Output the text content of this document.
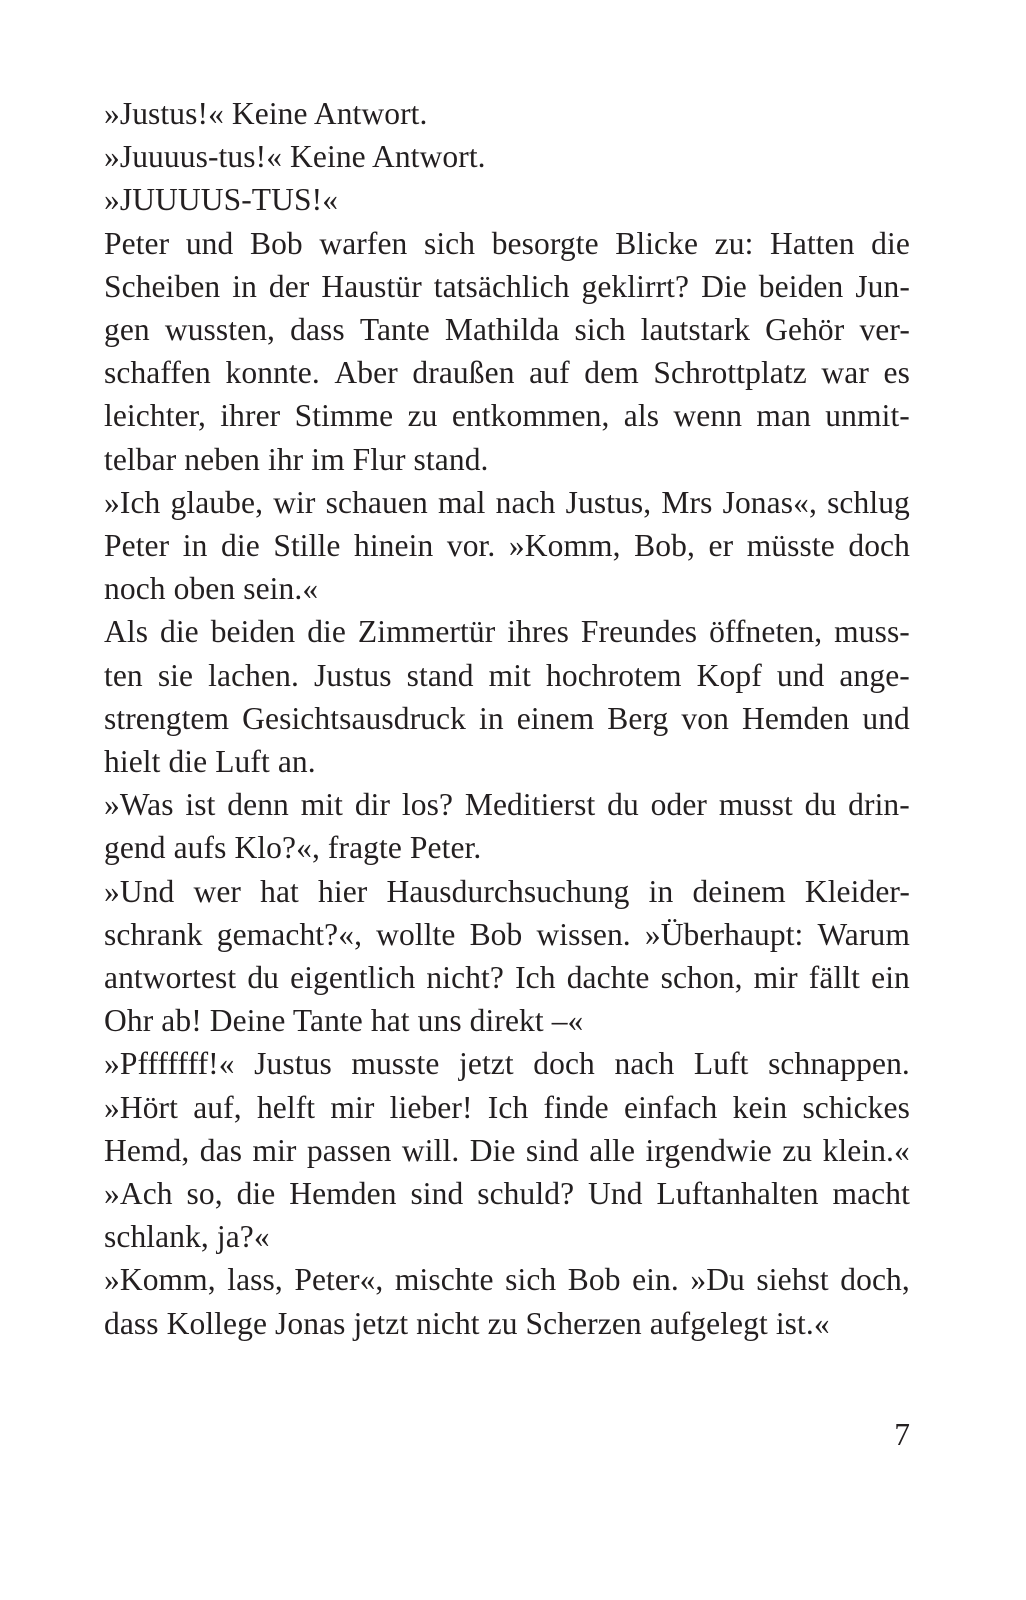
»Justus!« Keine Antwort.
»Juuuus-tus!« Keine Antwort.
»JUUUUS-TUS!«
Peter und Bob warfen sich besorgte Blicke zu: Hatten die
Scheiben in der Haustür tatsächlich geklirrt? Die beiden Jun-
gen wussten, dass Tante Mathilda sich lautstark Gehör ver-
schaffen konnte. Aber draußen auf dem Schrottplatz war es
leichter, ihrer Stimme zu entkommen, als wenn man unmit-
telbar neben ihr im Flur stand.
»Ich glaube, wir schauen mal nach Justus, Mrs Jonas«, schlug
Peter in die Stille hinein vor. »Komm, Bob, er müsste doch
noch oben sein.«
Als die beiden die Zimmertür ihres Freundes öffneten, muss-
ten sie lachen. Justus stand mit hochrotem Kopf und ange-
strengtem Gesichtsausdruck in einem Berg von Hemden und
hielt die Luft an.
»Was ist denn mit dir los? Meditierst du oder musst du drin-
gend aufs Klo?«, fragte Peter.
»Und wer hat hier Hausdurchsuchung in deinem Kleider-
schrank gemacht?«, wollte Bob wissen. »Überhaupt: Warum
antwortest du eigentlich nicht? Ich dachte schon, mir fällt ein
Ohr ab! Deine Tante hat uns direkt –«
»Pfffffff!« Justus musste jetzt doch nach Luft schnappen.
»Hört auf, helft mir lieber! Ich finde einfach kein schickes
Hemd, das mir passen will. Die sind alle irgendwie zu klein.«
»Ach so, die Hemden sind schuld? Und Luftanhalten macht
schlank, ja?«
»Komm, lass, Peter«, mischte sich Bob ein. »Du siehst doch,
dass Kollege Jonas jetzt nicht zu Scherzen aufgelegt ist.«
7
